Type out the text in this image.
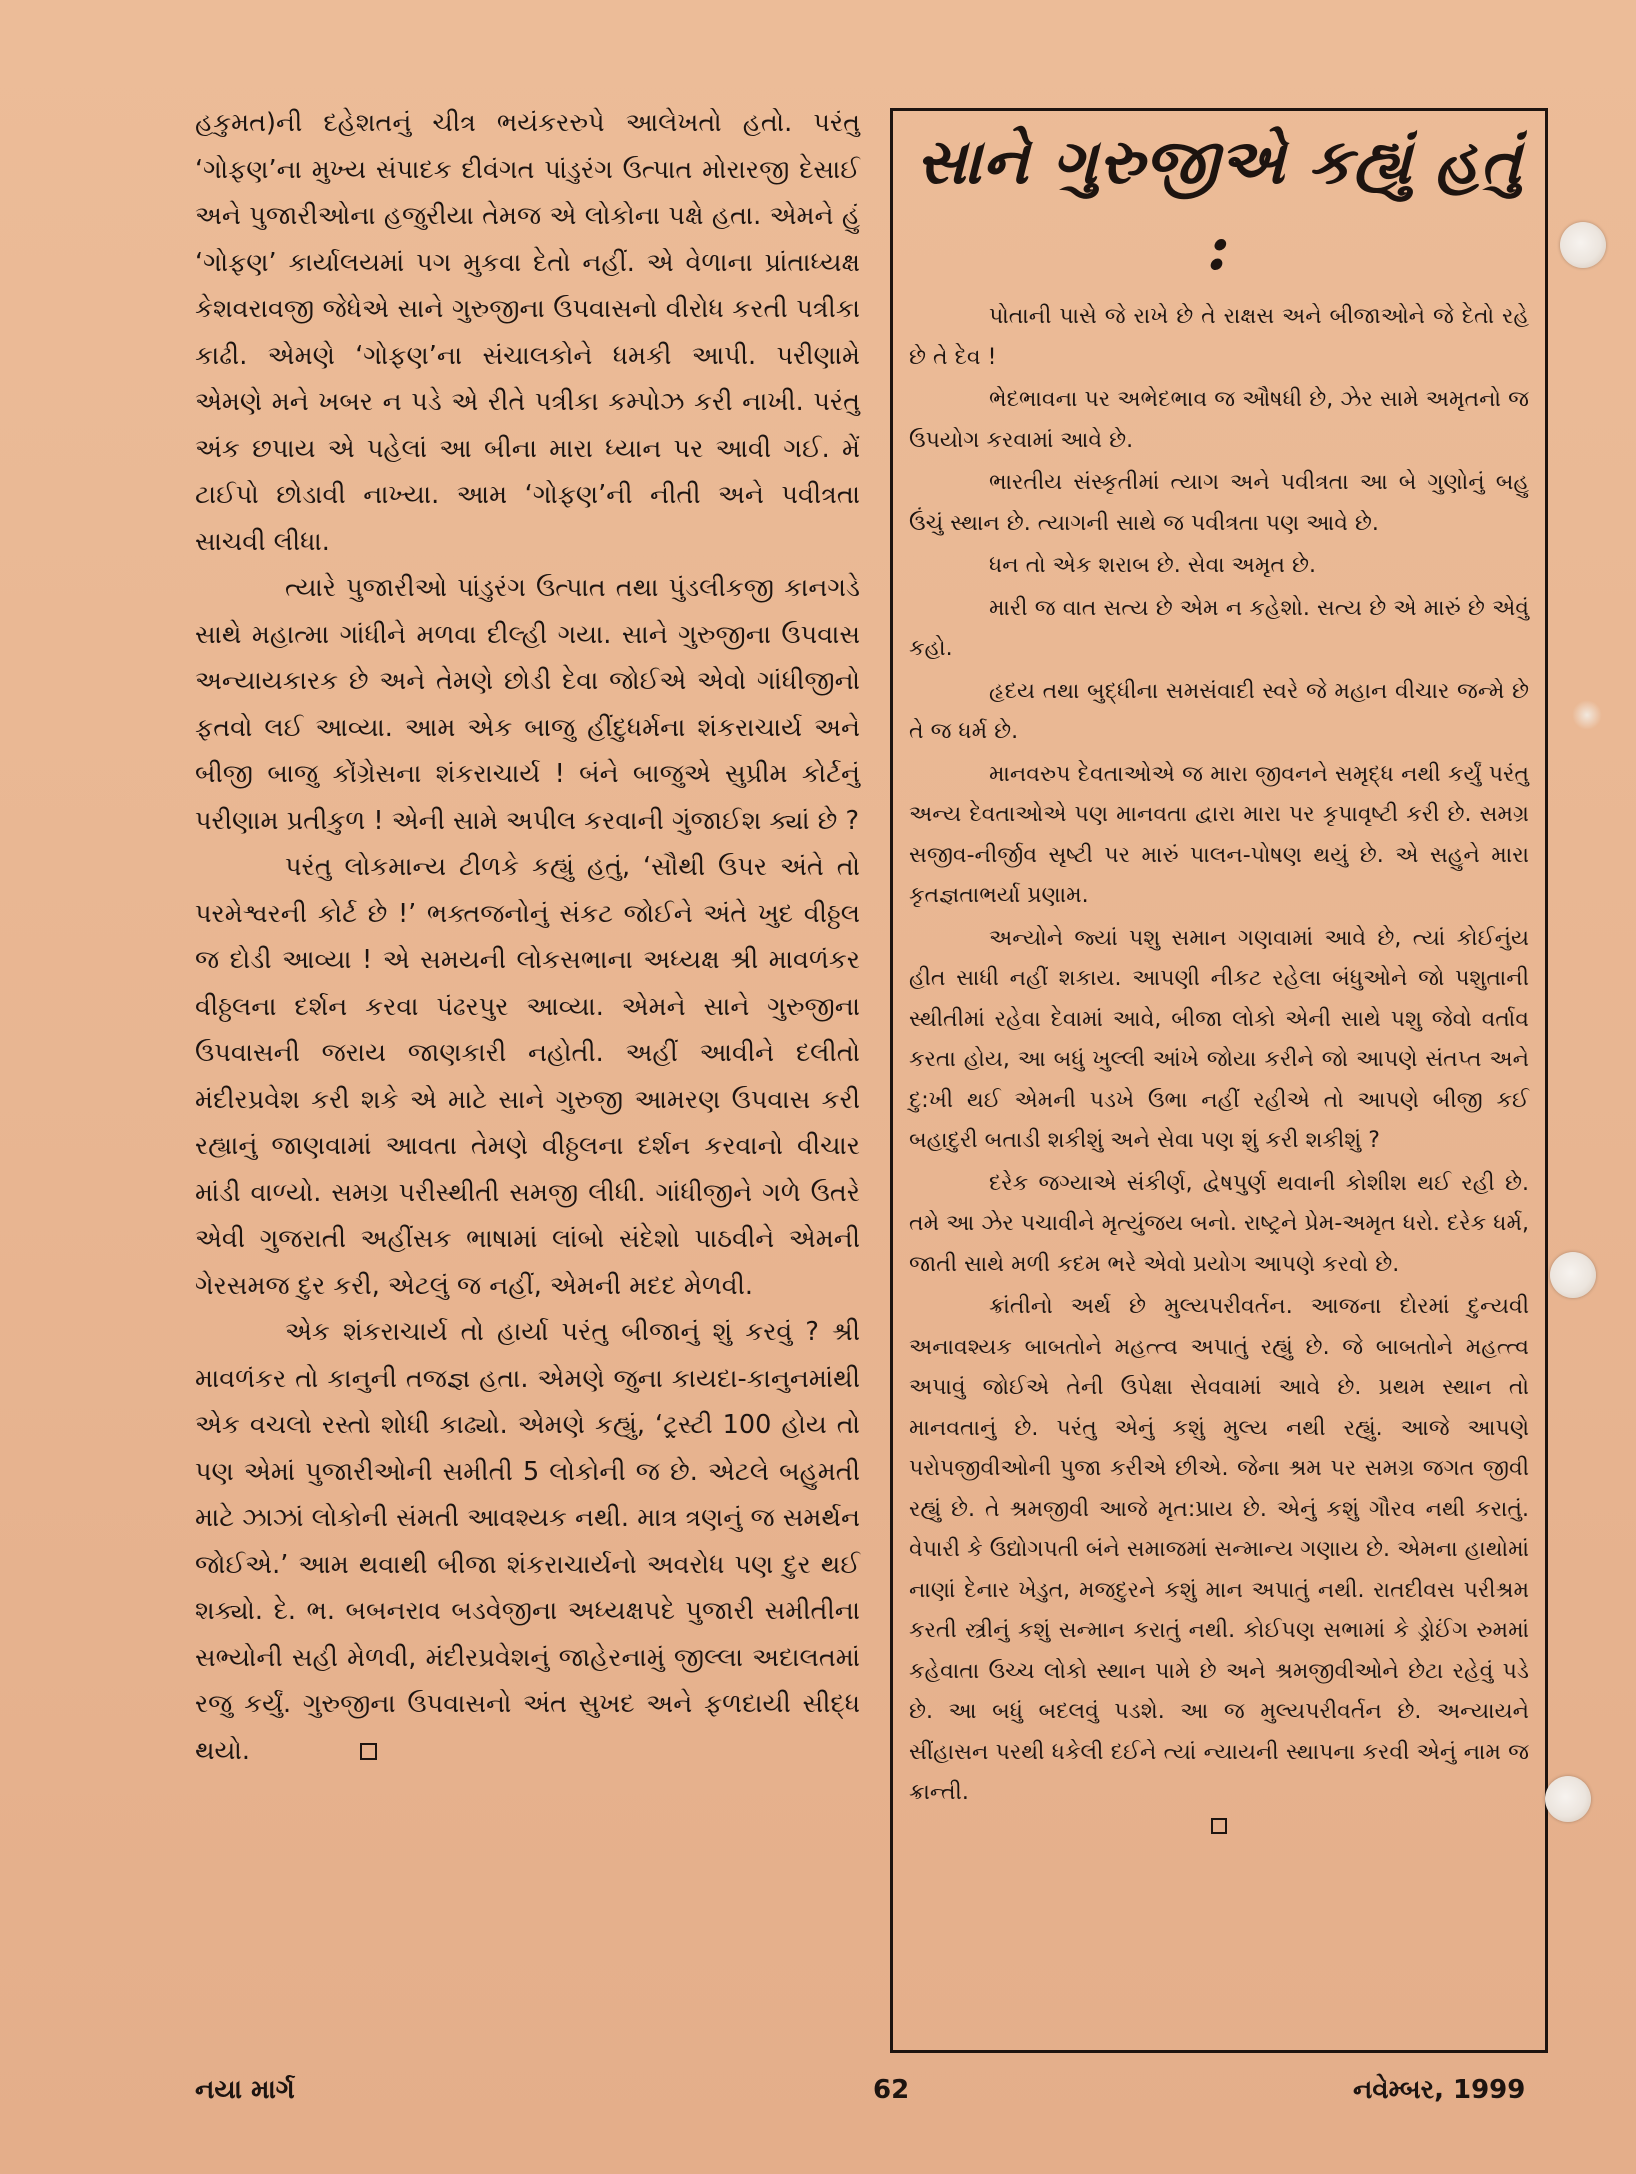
હકુમત)ની દહેશતનું ચીત્ર ભયંકરરુપે આલેખતો હતો. પરંતુ ‘ગોફણ’ના મુખ્ય સંપાદક દીવંગત પાંડુરંગ ઉત્પાત મોરારજી દેસાઈ અને પુજારીઓના હજુરીયા તેમજ એ લોકોના પક્ષે હતા. એમને હું ‘ગોફણ’ કાર્યાલયમાં પગ મુકવા દેતો નહીં. એ વેળાના પ્રાંતાધ્યક્ષ કેશવરાવજી જેધેએ સાને ગુરુજીના ઉપવાસનો વીરોધ કરતી પત્રીકા કાઢી. એમણે ‘ગોફણ’ના સંચાલકોને ધમકી આપી. પરીણામે એમણે મને ખબર ન પડે એ રીતે પત્રીકા કમ્પોઝ કરી નાખી. પરંતુ અંક છપાય એ પહેલાં આ બીના મારા ધ્યાન પર આવી ગઈ. મેં ટાઈપો છોડાવી નાખ્યા. આમ ‘ગોફણ’ની નીતી અને પવીત્રતા સાચવી લીધા.

ત્યારે પુજારીઓ પાંડુરંગ ઉત્પાત તથા પુંડલીકજી કાનગડે સાથે મહાત્મા ગાંધીને મળવા દીલ્હી ગયા. સાને ગુરુજીના ઉપવાસ અન્યાયકારક છે અને તેમણે છોડી દેવા જોઈએ એવો ગાંધીજીનો ફતવો લઈ આવ્યા. આમ એક બાજુ હીંદુધર્મના શંકરાચાર્ય અને બીજી બાજુ કોંગ્રેસના શંકરાચાર્ય ! બંને બાજુએ સુપ્રીમ કોર્ટનું પરીણામ પ્રતીકુળ ! એની સામે અપીલ કરવાની ગુંજાઈશ ક્યાં છે ?

પરંતુ લોકમાન્ય ટીળકે કહ્યું હતું, ‘સૌથી ઉપર અંતે તો પરમેશ્વરની કોર્ટ છે !’ ભક્તજનોનું સંકટ જોઈને અંતે ખુદ વીઠ્ઠલ જ દોડી આવ્યા ! એ સમયની લોકસભાના અધ્યક્ષ શ્રી માવળંકર વીઠ્ઠલના દર્શન કરવા પંઢરપુર આવ્યા. એમને સાને ગુરુજીના ઉપવાસની જરાય જાણકારી નહોતી. અહીં આવીને દલીતો મંદીરપ્રવેશ કરી શકે એ માટે સાને ગુરુજી આમરણ ઉપવાસ કરી રહ્યાનું જાણવામાં આવતા તેમણે વીઠ્ઠલના દર્શન કરવાનો વીચાર માંડી વાળ્યો. સમગ્ર પરીસ્થીતી સમજી લીધી. ગાંધીજીને ગળે ઉતરે એવી ગુજરાતી અહીંસક ભાષામાં લાંબો સંદેશો પાઠવીને એમની ગેરસમજ દુર કરી, એટલું જ નહીં, એમની મદદ મેળવી.

એક શંકરાચાર્ય તો હાર્યા પરંતુ બીજાનું શું કરવું ? શ્રી માવળંકર તો કાનુની તજજ્ઞ હતા. એમણે જુના કાયદા-કાનુનમાંથી એક વચલો રસ્તો શોધી કાઢ્યો. એમણે કહ્યું, ‘ટ્રસ્ટી 100 હોય તો પણ એમાં પુજારીઓની સમીતી 5 લોકોની જ છે. એટલે બહુમતી માટે ઝાઝાં લોકોની સંમતી આવશ્યક નથી. માત્ર ત્રણનું જ સમર્થન જોઈએ.’ આમ થવાથી બીજા શંકરાચાર્યનો અવરોધ પણ દુર થઈ શક્યો. દે. ભ. બબનરાવ બડવેજીના અધ્યક્ષપદે પુજારી સમીતીના સભ્યોની સહી મેળવી, મંદીરપ્રવેશનું જાહેરનામું જીલ્લા અદાલતમાં રજુ કર્યું. ગુરુજીના ઉપવાસનો અંત સુખદ અને ફળદાયી સીદ્ધ થયો.

સાને ગુરુજીએ કહ્યું હતું :

પોતાની પાસે જે રાખે છે તે રાક્ષસ અને બીજાઓને જે દેતો રહે છે તે દેવ !

ભેદભાવના પર અભેદભાવ જ ઔષધી છે, ઝેર સામે અમૃતનો જ ઉપયોગ કરવામાં આવે છે.

ભારતીય સંસ્કૃતીમાં ત્યાગ અને પવીત્રતા આ બે ગુણોનું બહુ ઉંચું સ્થાન છે. ત્યાગની સાથે જ પવીત્રતા પણ આવે છે.

ધન તો એક શરાબ છે. સેવા અમૃત છે.

મારી જ વાત સત્ય છે એમ ન કહેશો. સત્ય છે એ મારું છે એવું કહો.

હૃદય તથા બુદ્ધીના સમસંવાદી સ્વરે જે મહાન વીચાર જન્મે છે તે જ ધર્મ છે.

માનવરુપ દેવતાઓએ જ મારા જીવનને સમૃદ્ધ નથી કર્યું પરંતુ અન્ય દેવતાઓએ પણ માનવતા દ્વારા મારા પર કૃપાવૃષ્ટી કરી છે. સમગ્ર સજીવ-નીર્જીવ સૃષ્ટી પર મારું પાલન-પોષણ થયું છે. એ સહુને મારા કૃતજ્ઞતાભર્યા પ્રણામ.

અન્યોને જ્યાં પશુ સમાન ગણવામાં આવે છે, ત્યાં કોઈનુંય હીત સાધી નહીં શકાય. આપણી નીકટ રહેલા બંધુઓને જો પશુતાની સ્થીતીમાં રહેવા દેવામાં આવે, બીજા લોકો એની સાથે પશુ જેવો વર્તાવ કરતા હોય, આ બધું ખુલ્લી આંખે જોયા કરીને જો આપણે સંતપ્ત અને દુ:ખી થઈ એમની પડખે ઉભા નહીં રહીએ તો આપણે બીજી કઈ બહાદુરી બતાડી શકીશું અને સેવા પણ શું કરી શકીશું ?

દરેક જગ્યાએ સંકીર્ણ, દ્વેષપુર્ણ થવાની કોશીશ થઈ રહી છે. તમે આ ઝેર પચાવીને મૃત્યુંજય બનો. રાષ્ટ્રને પ્રેમ-અમૃત ધરો. દરેક ધર્મ, જાતી સાથે મળી કદમ ભરે એવો પ્રયોગ આપણે કરવો છે.

ક્રાંતીનો અર્થ છે મુલ્યપરીવર્તન. આજના દોરમાં દુન્યવી અનાવશ્યક બાબતોને મહત્ત્વ અપાતું રહ્યું છે. જે બાબતોને મહત્ત્વ અપાવું જોઈએ તેની ઉપેક્ષા સેવવામાં આવે છે. પ્રથમ સ્થાન તો માનવતાનું છે. પરંતુ એનું કશું મુલ્ય નથી રહ્યું. આજે આપણે પરોપજીવીઓની પુજા કરીએ છીએ. જેના શ્રમ પર સમગ્ર જગત જીવી રહ્યું છે. તે શ્રમજીવી આજે મૃત:પ્રાય છે. એનું કશું ગૌરવ નથી કરાતું. વેપારી કે ઉદ્યોગપતી બંને સમાજમાં સન્માન્ય ગણાય છે. એમના હાથોમાં નાણાં દેનાર ખેડુત, મજદુરને કશું માન અપાતું નથી. રાતદીવસ પરીશ્રમ કરતી સ્ત્રીનું કશું સન્માન કરાતું નથી. કોઈપણ સભામાં કે ડ્રોઈંગ રુમમાં કહેવાતા ઉચ્ચ લોકો સ્થાન પામે છે અને શ્રમજીવીઓને છેટા રહેવું પડે છે. આ બધું બદલવું પડશે. આ જ મુલ્યપરીવર્તન છે. અન્યાયને સીંહાસન પરથી ધકેલી દઈને ત્યાં ન્યાયની સ્થાપના કરવી એનું નામ જ ક્રાન્તી.

નયા માર્ગ	62	નવેમ્બર, 1999
